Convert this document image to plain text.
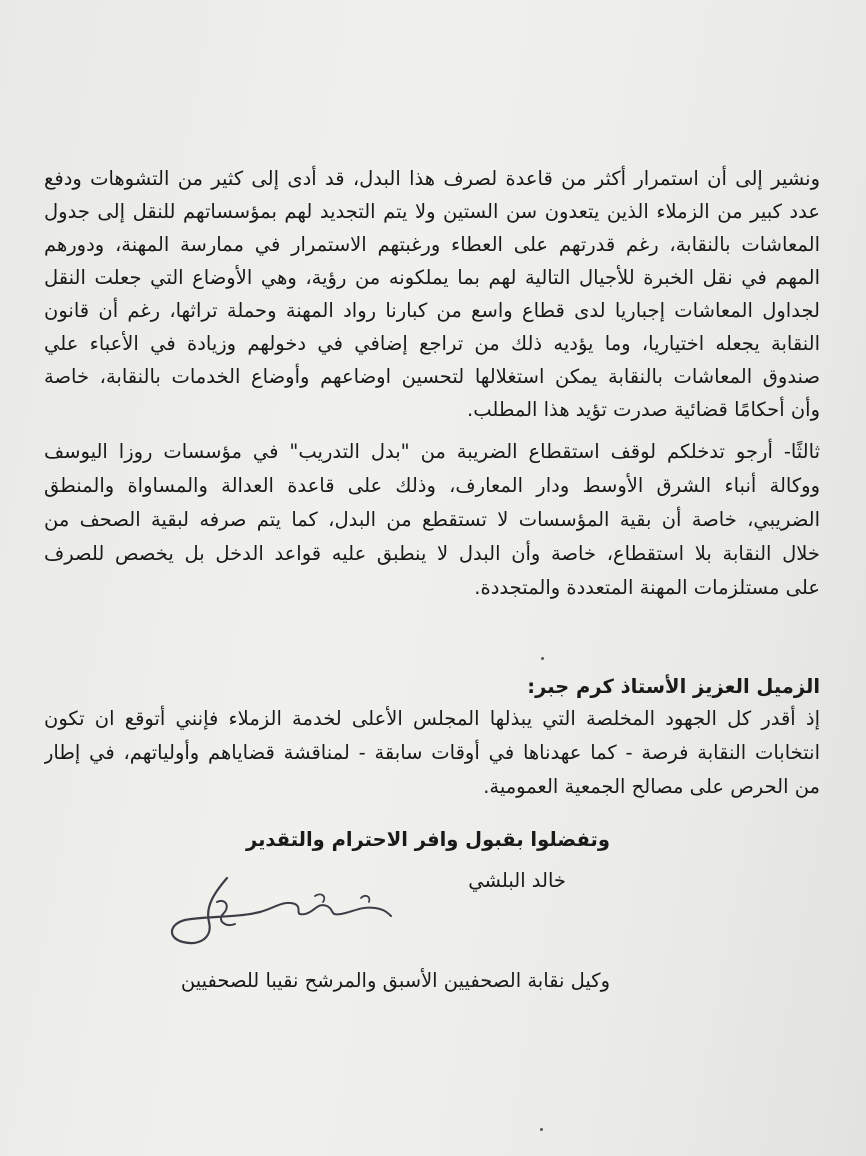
ونشير إلى أن استمرار أكثر من قاعدة لصرف هذا البدل، قد أدى إلى كثير من التشوهات ودفع
عدد كبير من الزملاء الذين يتعدون سن الستين ولا يتم التجديد لهم بمؤسساتهم للنقل إلى جدول
المعاشات بالنقابة، رغم قدرتهم على العطاء ورغبتهم الاستمرار في ممارسة المهنة، ودورهم
المهم في نقل الخبرة للأجيال التالية لهم بما يملكونه من رؤية، وهي الأوضاع التي جعلت النقل
لجداول المعاشات إجباريا لدى قطاع واسع من كبارنا رواد المهنة وحملة تراثها، رغم أن قانون
النقابة يجعله اختياريا، وما يؤديه ذلك من تراجع إضافي في دخولهم وزيادة في الأعباء علي
صندوق المعاشات بالنقابة يمكن استغلالها لتحسين اوضاعهم وأوضاع الخدمات بالنقابة، خاصة
وأن أحكامًا قضائية صدرت تؤيد هذا المطلب.
ثالثًا- أرجو تدخلكم لوقف استقطاع الضريبة من "بدل التدريب" في مؤسسات روزا اليوسف
ووكالة أنباء الشرق الأوسط ودار المعارف، وذلك على قاعدة العدالة والمساواة والمنطق
الضريبي، خاصة أن بقية المؤسسات لا تستقطع من البدل، كما يتم صرفه لبقية الصحف من
خلال النقابة بلا استقطاع، خاصة وأن البدل لا ينطبق عليه قواعد الدخل بل يخصص للصرف
على مستلزمات المهنة المتعددة والمتجددة.
الزميل العزيز الأستاذ كرم جبر:
إذ أقدر كل الجهود المخلصة التي يبذلها المجلس الأعلى لخدمة الزملاء فإنني أتوقع ان تكون
انتخابات النقابة فرصة - كما عهدناها في أوقات سابقة - لمناقشة قضاياهم وأولياتهم، في إطار
من الحرص على مصالح الجمعية العمومية.
وتفضلوا بقبول وافر الاحترام والتقدير
خالد البلشي
وكيل نقابة الصحفيين الأسبق والمرشح نقيبا للصحفيين
